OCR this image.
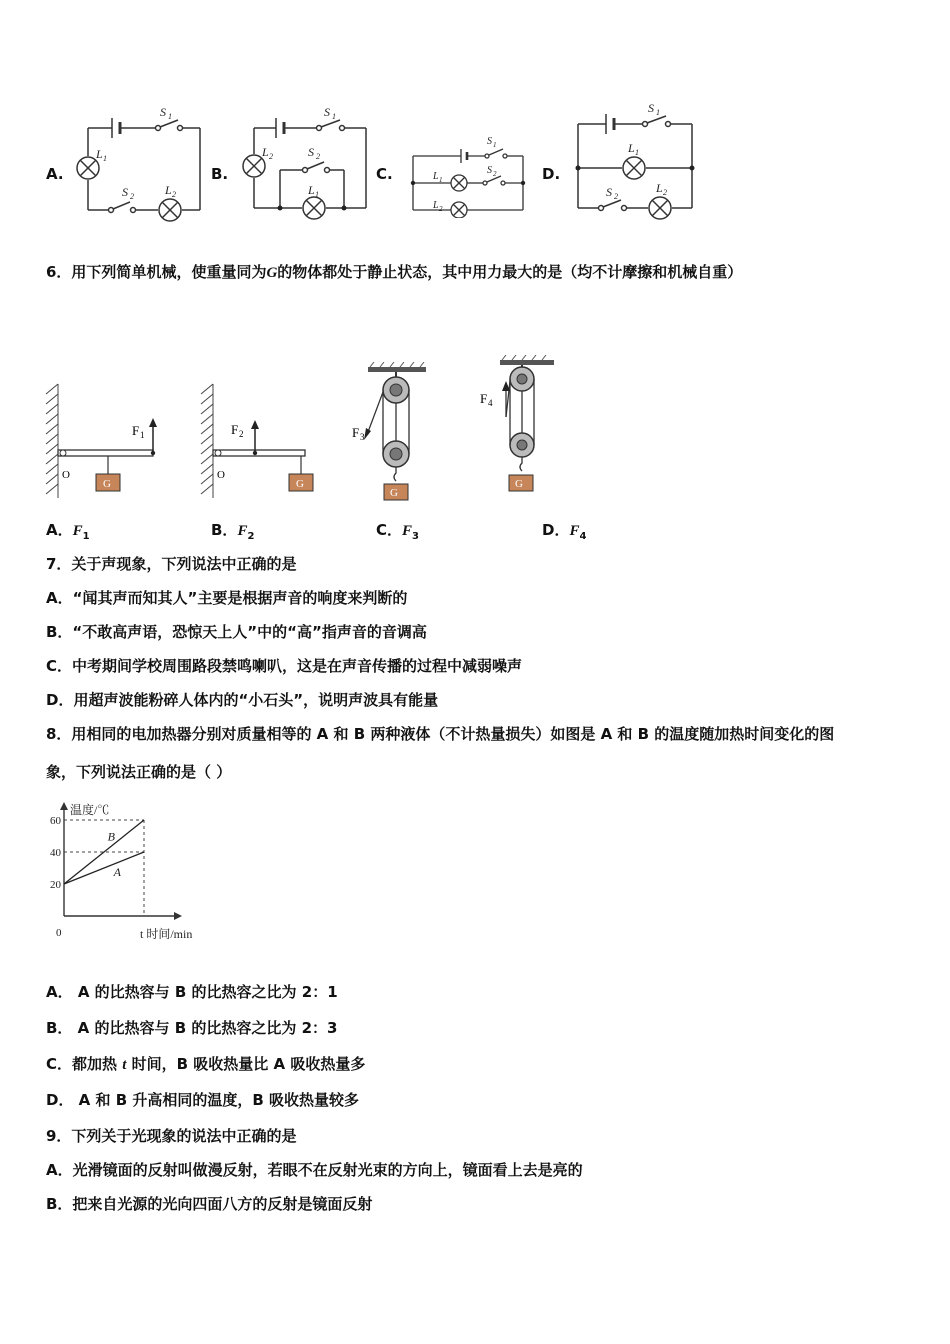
A.	B.	C.	D.
S 1
L 1
S 2	L 2
S 1
L 2	S 2
L 1
S 1
S 2
L 1
L 2
S 1
L 1
S 2
L 2
6．用下列简单机械，使重量同为G的物体都处于静止状态，其中用力最大的是（均不计摩擦和机械自重）
O
G
F 1
O
G
F 2
G
F 3
G
F 4
A．$F_1$	B．$F_2$	C．$F_3$	D．$F_4$
7．关于声现象，下列说法中正确的是
A．“闻其声而知其人”主要是根据声音的响度来判断的
B．“不敢高声语，恐惊天上人”中的“高”指声音的音调高
C．中考期间学校周围路段禁鸣喇叭，这是在声音传播的过程中减弱噪声
D．用超声波能粉碎人体内的“小石头”，说明声波具有能量
8．用相同的电加热器分别对质量相等的 A 和 B 两种液体（不计热量损失）如图是 A 和 B 的温度随加热时间变化的图
象，下列说法正确的是（ ）
20
40
60
A
B
温度/℃
t 时间/min
0
A． A 的比热容与 B 的比热容之比为 2：1
B． A 的比热容与 B 的比热容之比为 2：3
C．都加热 t 时间，B 吸收热量比 A 吸收热量多
D． A 和 B 升高相同的温度，B 吸收热量较多
9．下列关于光现象的说法中正确的是
A．光滑镜面的反射叫做漫反射，若眼不在反射光束的方向上，镜面看上去是亮的
B．把来自光源的光向四面八方的反射是镜面反射
